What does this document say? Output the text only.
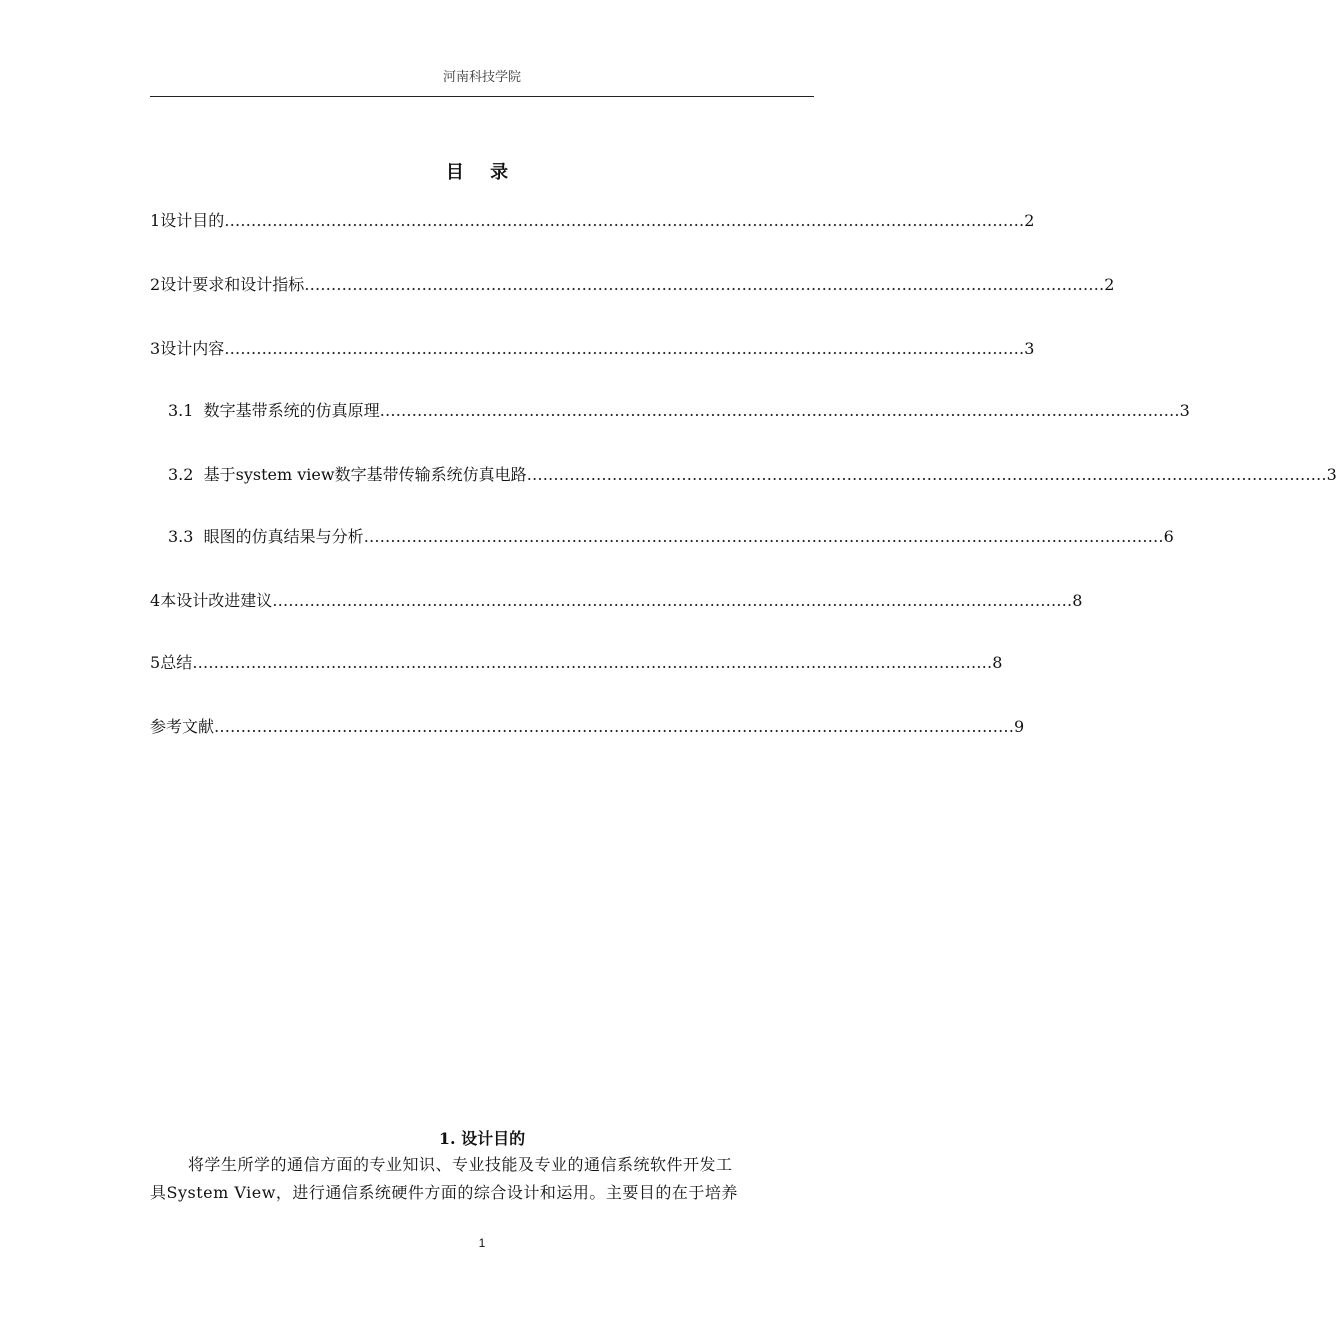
河南科技学院
目 录
1 设计目的 …………………………………………………………………………………………………………………………………… 2
2 设计要求和设计指标 …………………………………………………………………………………………………………………………………… 2
3 设计内容 …………………………………………………………………………………………………………………………………… 3
3.1 数字基带系统的仿真原理 …………………………………………………………………………………………………………………………………… 3
3.2 基于system view数字基带传输系统仿真电路 …………………………………………………………………………………………………………………………………… 3
3.3 眼图的仿真结果与分析 …………………………………………………………………………………………………………………………………… 6
4 本设计改进建议 …………………………………………………………………………………………………………………………………… 8
5 总结 …………………………………………………………………………………………………………………………………… 8
参考文献 …………………………………………………………………………………………………………………………………… 9
1. 设计目的
将学生所学的通信方面的专业知识、专业技能及专业的通信系统软件开发工
具System View，进行通信系统硬件方面的综合设计和运用。主要目的在于培养
1
